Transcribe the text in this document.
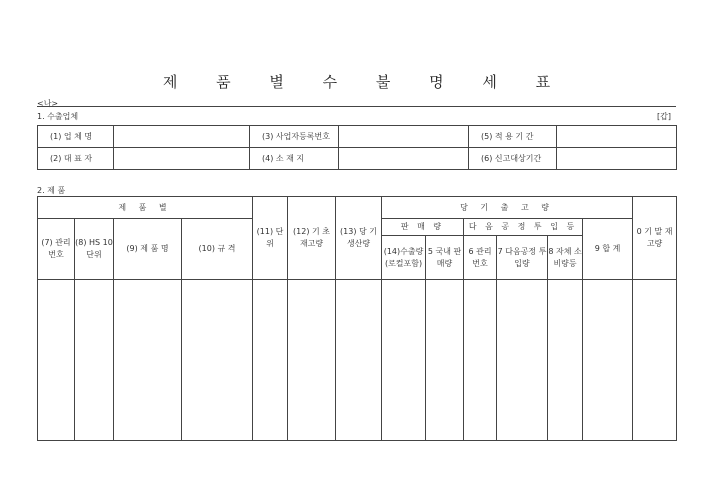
제 품 별 수 불 명 세 표
<나>
1. 수출업체	[갑]
(1) 업 체 명		(3) 사업자등록번호		(5) 적 용 기 간	
(2) 대 표 자		(4) 소 재 지		(6) 신고대상기간	
2. 제 품
제 품 별				(11) 단 위	(12) 기 초 재고량	(13) 당 기 생산량	당 기 출 고 량						0 기 말 재고량
(7) 관리 번호	(8) HS 10단위	(9) 제 품 명	(10) 규 격				판 매 량		다 음 공 정 투 입 등			9 합 계	
							(14)수출량 (로컬포함)	5 국내 판매량	6 관리 번호	7 다음공정 투입량	8 자체 소비량등		
